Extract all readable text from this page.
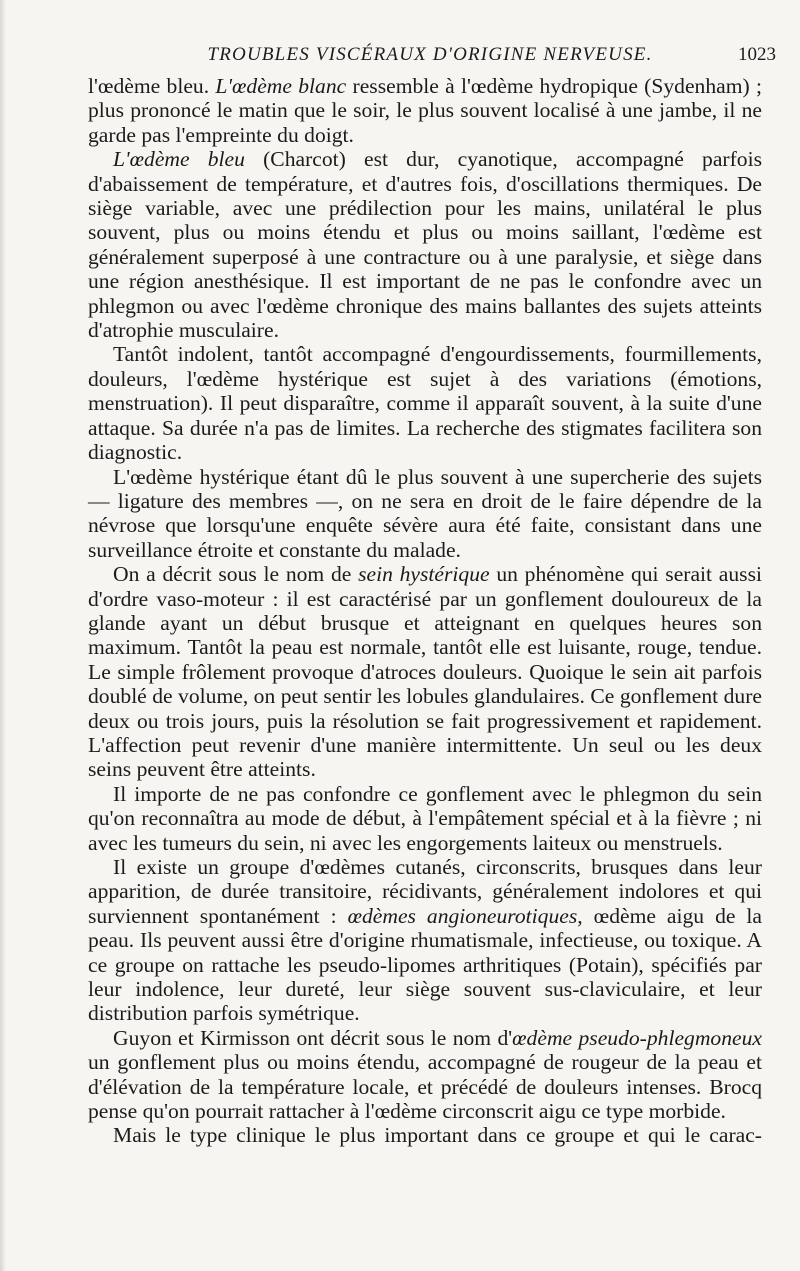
TROUBLES VISCÉRAUX D'ORIGINE NERVEUSE.	1023

l'œdème bleu. L'œdème blanc ressemble à l'œdème hydropique (Sydenham) ; plus prononcé le matin que le soir, le plus souvent localisé à une jambe, il ne garde pas l'empreinte du doigt.

L'œdème bleu (Charcot) est dur, cyanotique, accompagné parfois d'abaissement de température, et d'autres fois, d'oscillations thermiques. De siège variable, avec une prédilection pour les mains, unilatéral le plus souvent, plus ou moins étendu et plus ou moins saillant, l'œdème est généralement superposé à une contracture ou à une paralysie, et siège dans une région anesthésique. Il est important de ne pas le confondre avec un phlegmon ou avec l'œdème chronique des mains ballantes des sujets atteints d'atrophie musculaire.

Tantôt indolent, tantôt accompagné d'engourdissements, fourmillements, douleurs, l'œdème hystérique est sujet à des variations (émotions, menstruation). Il peut disparaître, comme il apparaît souvent, à la suite d'une attaque. Sa durée n'a pas de limites. La recherche des stigmates facilitera son diagnostic.

L'œdème hystérique étant dû le plus souvent à une supercherie des sujets — ligature des membres —, on ne sera en droit de le faire dépendre de la névrose que lorsqu'une enquête sévère aura été faite, consistant dans une surveillance étroite et constante du malade.

On a décrit sous le nom de sein hystérique un phénomène qui serait aussi d'ordre vaso-moteur : il est caractérisé par un gonflement douloureux de la glande ayant un début brusque et atteignant en quelques heures son maximum. Tantôt la peau est normale, tantôt elle est luisante, rouge, tendue. Le simple frôlement provoque d'atroces douleurs. Quoique le sein ait parfois doublé de volume, on peut sentir les lobules glandulaires. Ce gonflement dure deux ou trois jours, puis la résolution se fait progressivement et rapidement. L'affection peut revenir d'une manière intermittente. Un seul ou les deux seins peuvent être atteints.

Il importe de ne pas confondre ce gonflement avec le phlegmon du sein qu'on reconnaîtra au mode de début, à l'empâtement spécial et à la fièvre ; ni avec les tumeurs du sein, ni avec les engorgements laiteux ou menstruels.

Il existe un groupe d'œdèmes cutanés, circonscrits, brusques dans leur apparition, de durée transitoire, récidivants, généralement indolores et qui surviennent spontanément : œdèmes angioneurotiques, œdème aigu de la peau. Ils peuvent aussi être d'origine rhumatismale, infectieuse, ou toxique. A ce groupe on rattache les pseudo-lipomes arthritiques (Potain), spécifiés par leur indolence, leur dureté, leur siège souvent sus-claviculaire, et leur distribution parfois symétrique.

Guyon et Kirmisson ont décrit sous le nom d'œdème pseudo-phlegmoneux un gonflement plus ou moins étendu, accompagné de rougeur de la peau et d'élévation de la température locale, et précédé de douleurs intenses. Brocq pense qu'on pourrait rattacher à l'œdème circonscrit aigu ce type morbide.

Mais le type clinique le plus important dans ce groupe et qui le carac-
